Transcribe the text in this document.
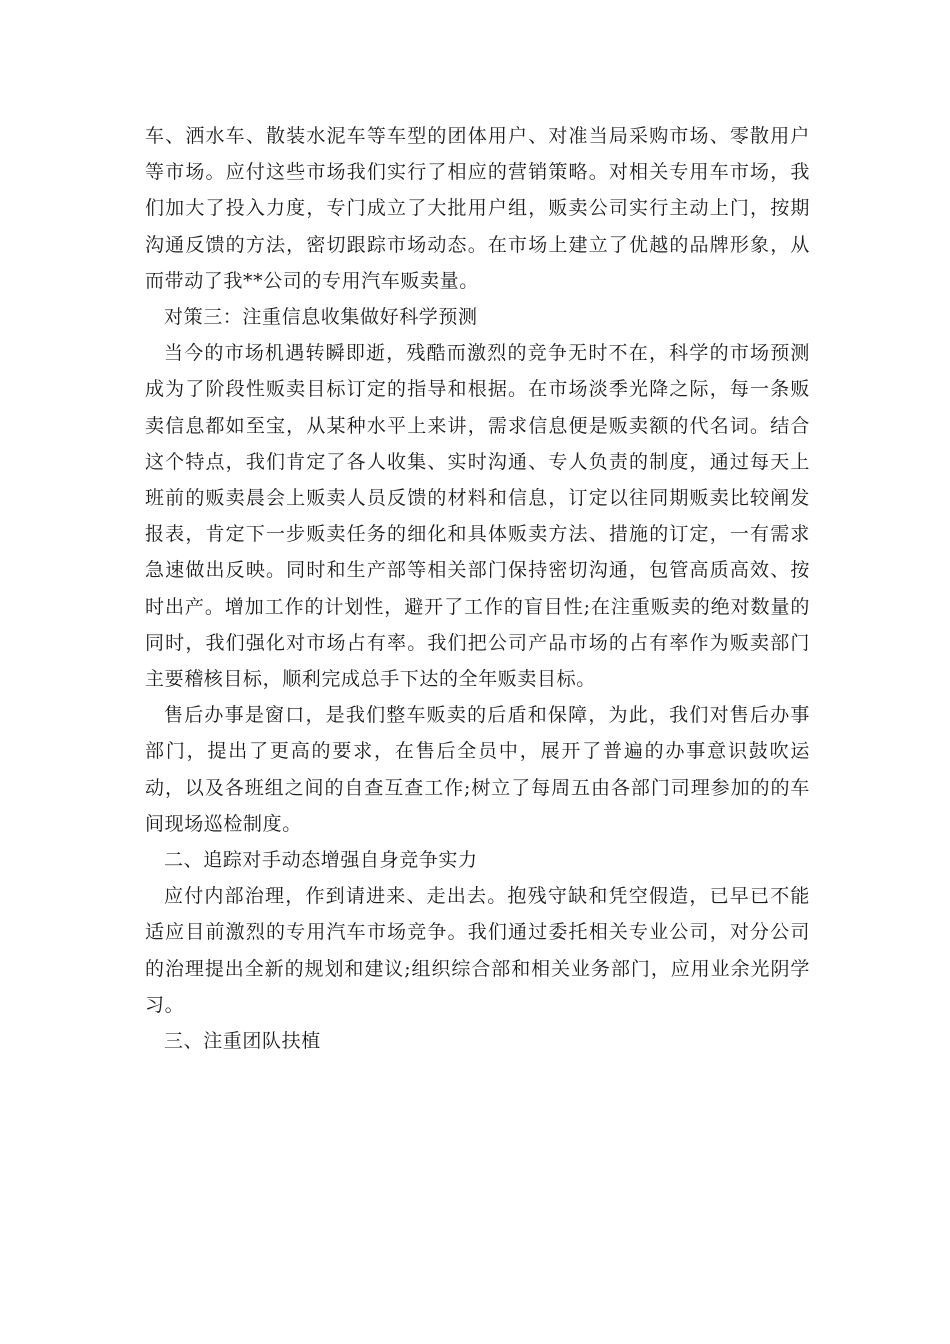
车、洒水车、散装水泥车等车型的团体用户、对准当局采购市场、零散用户等市场。应付这些市场我们实行了相应的营销策略。对相关专用车市场，我们加大了投入力度，专门成立了大批用户组，贩卖公司实行主动上门，按期沟通反馈的方法，密切跟踪市场动态。在市场上建立了优越的品牌形象，从而带动了我**公司的专用汽车贩卖量。

对策三：注重信息收集做好科学预测

当今的市场机遇转瞬即逝，残酷而激烈的竞争无时不在，科学的市场预测成为了阶段性贩卖目标订定的指导和根据。在市场淡季光降之际，每一条贩卖信息都如至宝，从某种水平上来讲，需求信息便是贩卖额的代名词。结合这个特点，我们肯定了各人收集、实时沟通、专人负责的制度，通过每天上班前的贩卖晨会上贩卖人员反馈的材料和信息，订定以往同期贩卖比较阐发报表，肯定下一步贩卖任务的细化和具体贩卖方法、措施的订定，一有需求急速做出反映。同时和生产部等相关部门保持密切沟通，包管高质高效、按时出产。增加工作的计划性，避开了工作的盲目性;在注重贩卖的绝对数量的同时，我们强化对市场占有率。我们把公司产品市场的占有率作为贩卖部门主要稽核目标，顺利完成总手下达的全年贩卖目标。

售后办事是窗口，是我们整车贩卖的后盾和保障，为此，我们对售后办事部门，提出了更高的要求，在售后全员中，展开了普遍的办事意识鼓吹运动，以及各班组之间的自查互查工作;树立了每周五由各部门司理参加的的车间现场巡检制度。

二、追踪对手动态增强自身竞争实力

应付内部治理，作到请进来、走出去。抱残守缺和凭空假造，已早已不能适应目前激烈的专用汽车市场竞争。我们通过委托相关专业公司，对分公司的治理提出全新的规划和建议;组织综合部和相关业务部门，应用业余光阴学习。

三、注重团队扶植
